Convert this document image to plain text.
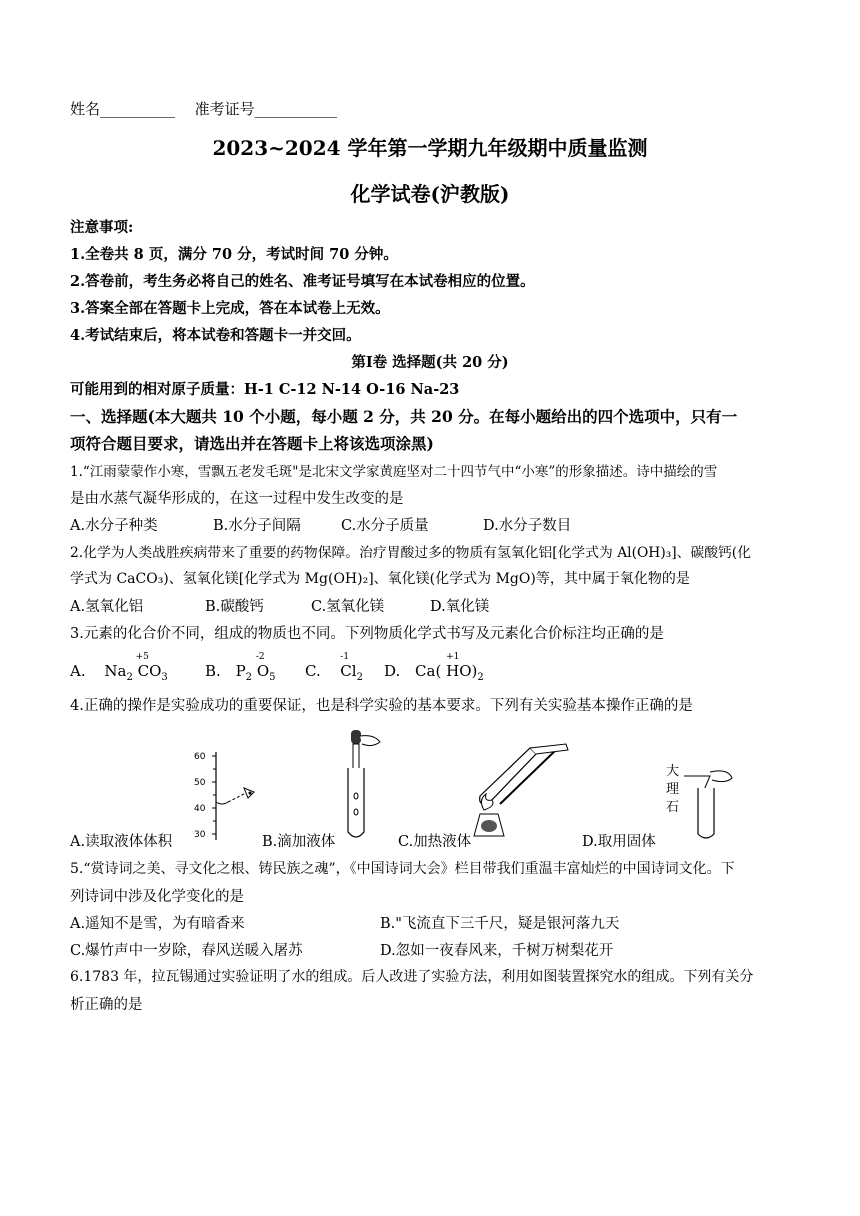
姓名__________ 准考证号___________
2023~2024 学年第一学期九年级期中质量监测
化学试卷(沪教版)
注意事项:
1.全卷共 8 页，满分 70 分，考试时间 70 分钟。
2.答卷前，考生务必将自己的姓名、准考证号填写在本试卷相应的位置。
3.答案全部在答题卡上完成，答在本试卷上无效。
4.考试结束后，将本试卷和答题卡一并交回。
第Ⅰ卷 选择题(共 20 分)
可能用到的相对原子质量：H-1 C-12 N-14 O-16 Na-23
一、选择题(本大题共 10 个小题，每小题 2 分，共 20 分。在每小题给出的四个选项中，只有一
项符合题目要求，请选出并在答题卡上将该选项涂黑)
1.“江雨蒙蒙作小寒，雪飘五老发毛斑"是北宋文学家黄庭坚对二十四节气中“小寒”的形象描述。诗中描绘的雪
是由水蒸气凝华形成的，在这一过程中发生改变的是
A.水分子种类	B.水分子间隔	C.水分子质量	D.水分子数目
2.化学为人类战胜疾病带来了重要的药物保障。治疗胃酸过多的物质有氢氧化铝[化学式为 Al(OH)₃]、碳酸钙(化
学式为 CaCO₃)、氢氧化镁[化学式为 Mg(OH)₂]、氧化镁(化学式为 MgO)等，其中属于氧化物的是
A.氢氧化铝	B.碳酸钙	C.氢氧化镁	D.氧化镁
3.元素的化合价不同，组成的物质也不同。下列物质化学式书写及元素化合价标注均正确的是
A. $Na_2$ C
+5
$O_3$ B. $P_2$ O
-2
$_5$ C. Cl
-1
$_2$ D. Ca( H
+1
$O)_2$
4.正确的操作是实验成功的重要保证，也是科学实验的基本要求。下列有关实验基本操作正确的是
60
50
40
30
大
理
石
A.读取液体体积	B.滴加液体	C.加热液体	D.取用固体
5.“赏诗词之美、寻文化之根、铸民族之魂”，《中国诗词大会》栏目带我们重温丰富灿烂的中国诗词文化。下
列诗词中涉及化学变化的是
A.遥知不是雪，为有暗香来	B."飞流直下三千尺，疑是银河落九天
C.爆竹声中一岁除，春风送暖入屠苏	D.忽如一夜春风来，千树万树梨花开
6.1783 年，拉瓦锡通过实验证明了水的组成。后人改进了实验方法，利用如图装置探究水的组成。下列有关分
析正确的是
